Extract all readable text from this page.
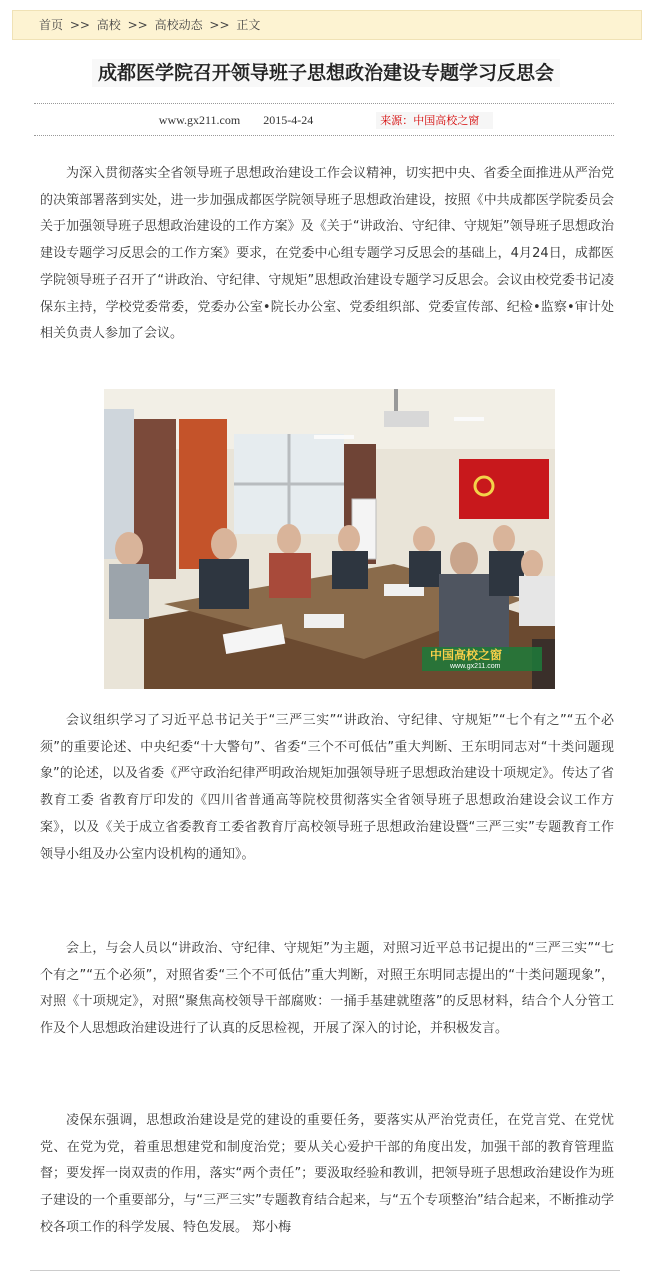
首页 >> 高校 >> 高校动态 >> 正文
成都医学院召开领导班子思想政治建设专题学习反思会
www.gx211.com 2015-4-24	来源：中国高校之窗

为深入贯彻落实全省领导班子思想政治建设工作会议精神，切实把中央、省委全面推进从严治党的决策部署落到实处，进一步加强成都医学院领导班子思想政治建设，按照《中共成都医学院委员会关于加强领导班子思想政治建设的工作方案》及《关于“讲政治、守纪律、守规矩”领导班子思想政治建设专题学习反思会的工作方案》要求，在党委中心组专题学习反思会的基础上，4月24日，成都医学院领导班子召开了“讲政治、守纪律、守规矩”思想政治建设专题学习反思会。会议由校党委书记凌保东主持，学校党委常委，党委办公室•院长办公室、党委组织部、党委宣传部、纪检•监察•审计处相关负责人参加了会议。

中国高校之窗
www.gx211.com

会议组织学习了习近平总书记关于“三严三实”“讲政治、守纪律、守规矩”“七个有之”“五个必须”的重要论述、中央纪委“十大警句”、省委“三个不可低估”重大判断、王东明同志对“十类问题现象”的论述，以及省委《严守政治纪律严明政治规矩加强领导班子思想政治建设十项规定》。传达了省教育工委 省教育厅印发的《四川省普通高等院校贯彻落实全省领导班子思想政治建设会议工作方案》，以及《关于成立省委教育工委省教育厅高校领导班子思想政治建设暨“三严三实”专题教育工作领导小组及办公室内设机构的通知》。

会上，与会人员以“讲政治、守纪律、守规矩”为主题，对照习近平总书记提出的“三严三实”“七个有之”“五个必须”，对照省委“三个不可低估”重大判断，对照王东明同志提出的“十类问题现象”，对照《十项规定》，对照“聚焦高校领导干部腐败：一捅手基建就堕落”的反思材料，结合个人分管工作及个人思想政治建设进行了认真的反思检视，开展了深入的讨论，并积极发言。

凌保东强调，思想政治建设是党的建设的重要任务，要落实从严治党责任，在党言党、在党忧党、在党为党，着重思想建党和制度治党；要从关心爱护干部的角度出发，加强干部的教育管理监督；要发挥一岗双责的作用，落实“两个责任”；要汲取经验和教训，把领导班子思想政治建设作为班子建设的一个重要部分，与“三严三实”专题教育结合起来，与“五个专项整治”结合起来，不断推动学校各项工作的科学发展、特色发展。 郑小梅
